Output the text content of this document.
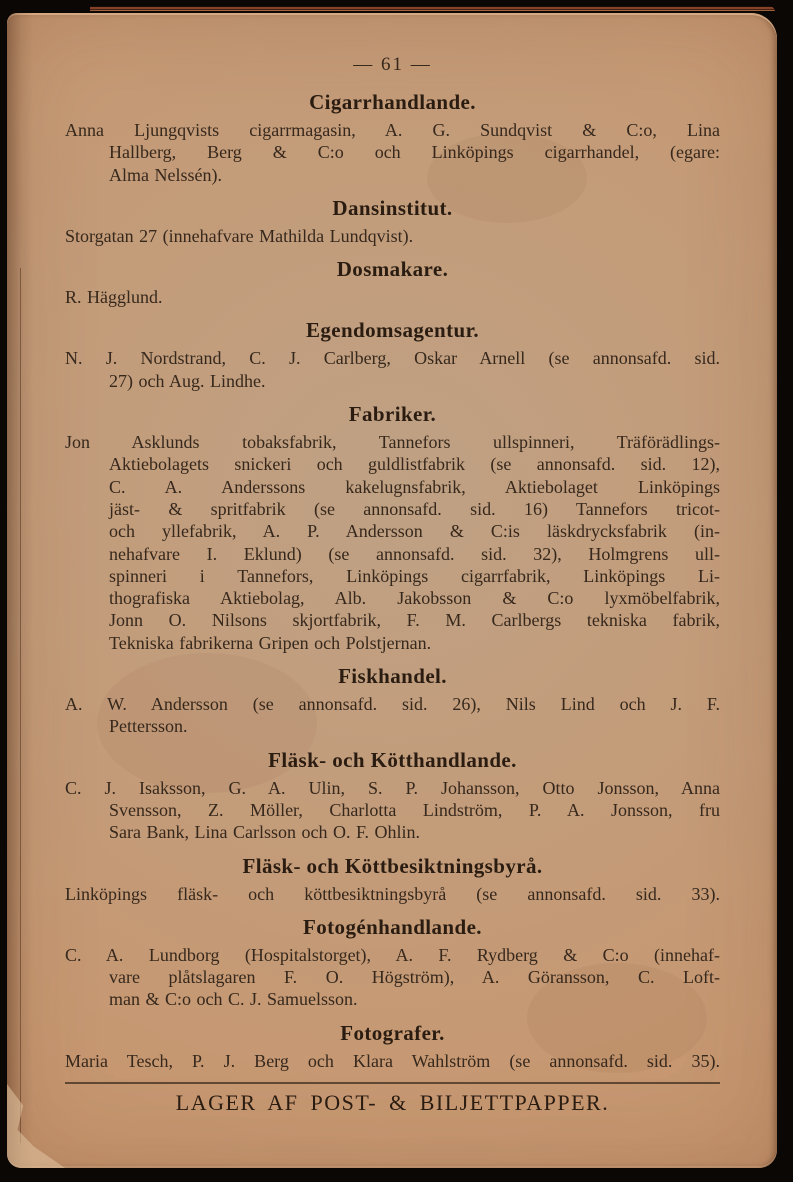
— 61 —
Cigarrhandlande.
Anna Ljungqvists cigarrmagasin, A. G. Sundqvist & C:o, Lina
Hallberg, Berg & C:o och Linköpings cigarrhandel, (egare:
Alma Nelssén).
Dansinstitut.
Storgatan 27 (innehafvare Mathilda Lundqvist).
Dosmakare.
R. Hägglund.
Egendomsagentur.
N. J. Nordstrand, C. J. Carlberg, Oskar Arnell (se annonsafd. sid.
27) och Aug. Lindhe.
Fabriker.
Jon Asklunds tobaksfabrik, Tannefors ullspinneri, Träförädlings-
Aktiebolagets snickeri och guldlistfabrik (se annonsafd. sid. 12),
C. A. Anderssons kakelugnsfabrik, Aktiebolaget Linköpings
jäst- & spritfabrik (se annonsafd. sid. 16) Tannefors tricot-
och yllefabrik, A. P. Andersson & C:is läskdrycksfabrik (in-
nehafvare I. Eklund) (se annonsafd. sid. 32), Holmgrens ull-
spinneri i Tannefors, Linköpings cigarrfabrik, Linköpings Li-
thografiska Aktiebolag, Alb. Jakobsson & C:o lyxmöbelfabrik,
Jonn O. Nilsons skjortfabrik, F. M. Carlbergs tekniska fabrik,
Tekniska fabrikerna Gripen och Polstjernan.
Fiskhandel.
A. W. Andersson (se annonsafd. sid. 26), Nils Lind och J. F.
Pettersson.
Fläsk- och Kötthandlande.
C. J. Isaksson, G. A. Ulin, S. P. Johansson, Otto Jonsson, Anna
Svensson, Z. Möller, Charlotta Lindström, P. A. Jonsson, fru
Sara Bank, Lina Carlsson och O. F. Ohlin.
Fläsk- och Köttbesiktningsbyrå.
Linköpings fläsk- och köttbesiktningsbyrå (se annonsafd. sid. 33).
Fotogénhandlande.
C. A. Lundborg (Hospitalstorget), A. F. Rydberg & C:o (innehaf-
vare plåtslagaren F. O. Högström), A. Göransson, C. Loft-
man & C:o och C. J. Samuelsson.
Fotografer.
Maria Tesch, P. J. Berg och Klara Wahlström (se annonsafd. sid. 35).
LAGER AF POST- & BILJETTPAPPER.
